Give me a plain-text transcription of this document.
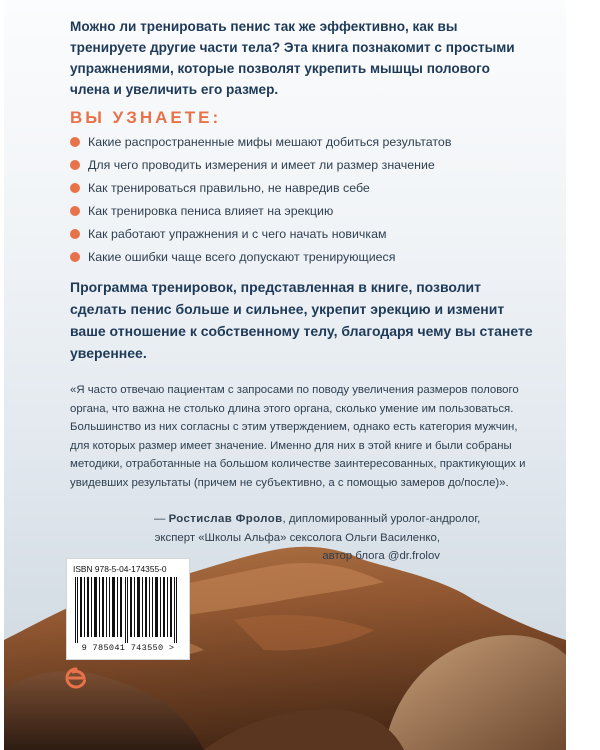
Можно ли тренировать пенис так же эффективно, как вы тренируете другие части тела? Эта книга познакомит с простыми упражнениями, которые позволят укрепить мышцы полового члена и увеличить его размер.

ВЫ УЗНАЕТЕ:
Какие распространенные мифы мешают добиться результатов
Для чего проводить измерения и имеет ли размер значение
Как тренироваться правильно, не навредив себе
Как тренировка пениса влияет на эрекцию
Как работают упражнения и с чего начать новичкам
Какие ошибки чаще всего допускают тренирующиеся

Программа тренировок, представленная в книге, позволит сделать пенис больше и сильнее, укрепит эрекцию и изменит ваше отношение к собственному телу, благодаря чему вы станете увереннее.

«Я часто отвечаю пациентам с запросами по поводу увеличения размеров полового органа, что важна не столько длина этого органа, сколько умение им пользоваться. Большинство из них согласны с этим утверждением, однако есть категория мужчин, для которых размер имеет значение. Именно для них в этой книге и были собраны методики, отработанные на большом количестве заинтересованных, практикующих и увидевших результаты (причем не субъективно, а с помощью замеров до/после)».

ISBN 978-5-04-174355-0

9 785041 743550 >

— Ростислав Фролов, дипломированный уролог-андролог,
эксперт «Школы Альфа» сексолога Ольги Василенко,
автор блога @dr.frolov
